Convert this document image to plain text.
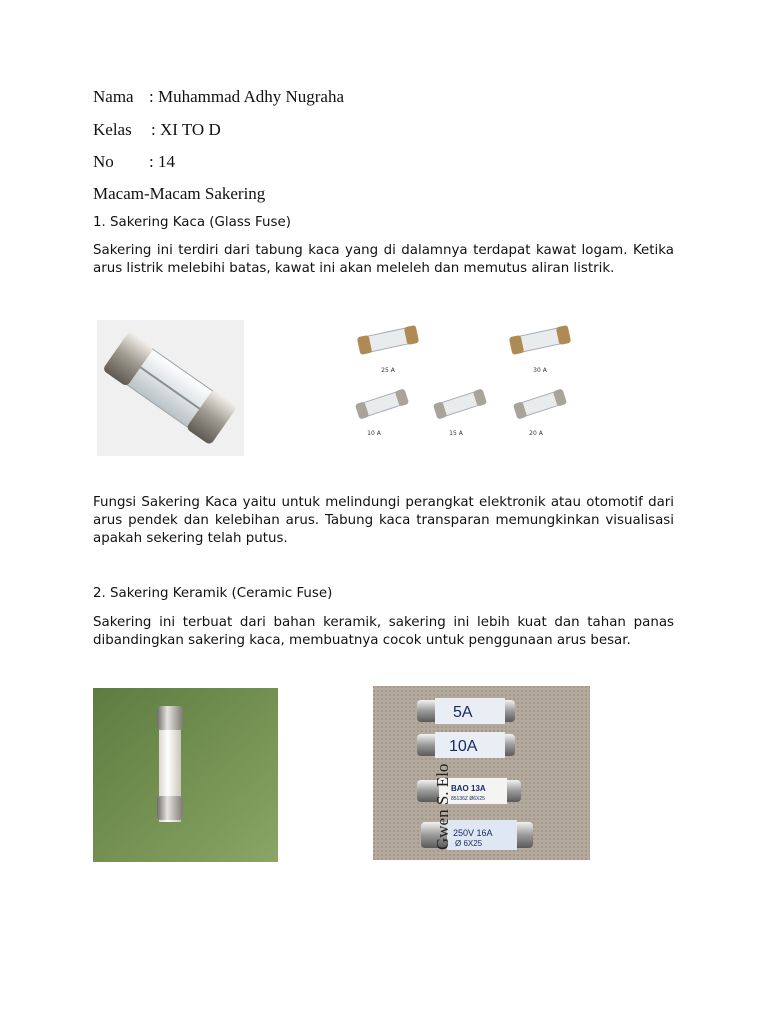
Nama : Muhammad Adhy Nugraha
Kelas : XI TO D
No : 14
Macam-Macam Sakering
1. Sakering Kaca (Glass Fuse)
Sakering ini terdiri dari tabung kaca yang di dalamnya terdapat kawat logam. Ketika arus listrik melebihi batas, kawat ini akan meleleh dan memutus aliran listrik.
25 A	30 A
10 A	15 A	20 A
Fungsi Sakering Kaca yaitu untuk melindungi perangkat elektronik atau otomotif dari arus pendek dan kelebihan arus. Tabung kaca transparan memungkinkan visualisasi apakah sekering telah putus.
2. Sakering Keramik (Ceramic Fuse)
Sakering ini terbuat dari bahan keramik, sakering ini lebih kuat dan tahan panas dibandingkan sakering kaca, membuatnya cocok untuk penggunaan arus besar.
5A
10A
BAO 13A
85136Z Ø6X25
250V 16A
Ø 6X25
Gwen S. Elo
